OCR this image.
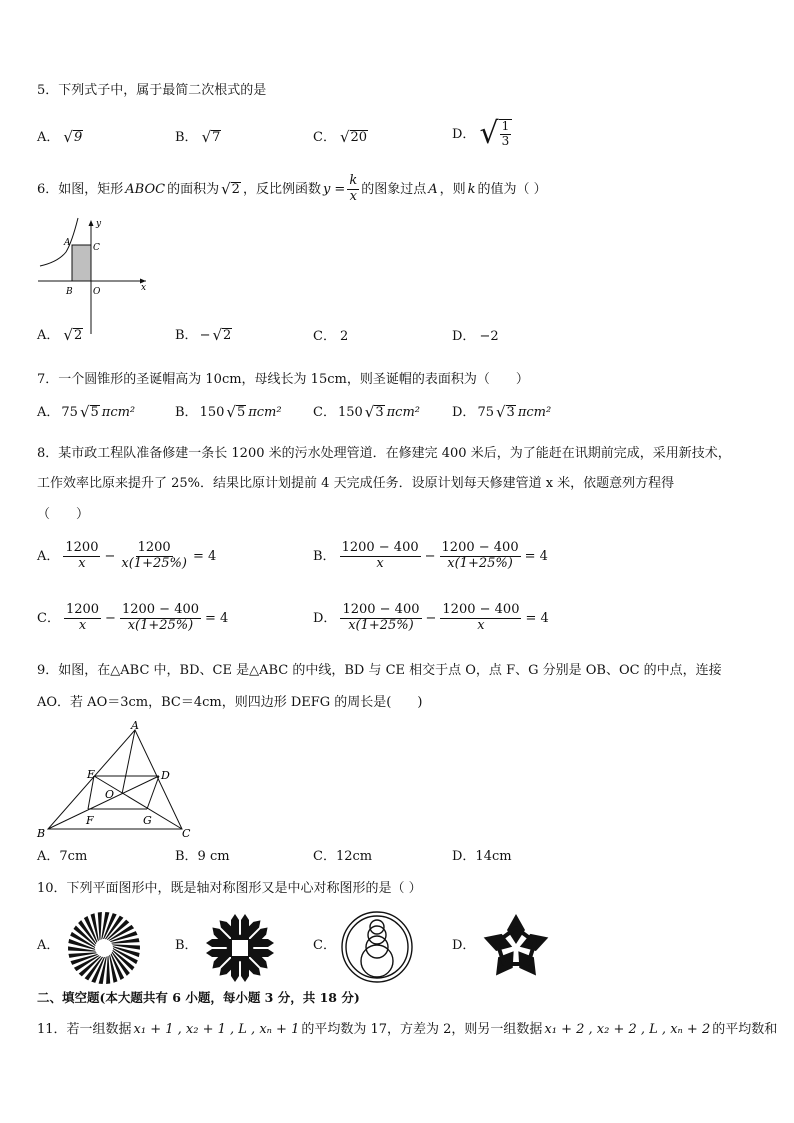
5．下列式子中，属于最简二次根式的是
A． √ 9	B． √ 7	C． √ 20	D． √ $\frac{1}{3}$
6．如图，矩形 ABOC 的面积为 √ 2 ，反比例函数 $y = \frac{k}{x}$ 的图象过点 A ，则 k 的值为（ ）
y
x
A
B
C
O
A． √ 2	B． − √ 2	C． 2	D． −2
7．一个圆锥形的圣诞帽高为 10cm，母线长为 15cm，则圣诞帽的表面积为（　　）
A． 75 √ 5 πcm²	B． 150 √ 5 πcm² C． 150 √ 3 πcm² D． 75 √ 3 πcm²
8．某市政工程队准备修建一条长 1200 米的污水处理管道．在修建完 400 米后，为了能赶在讯期前完成，采用新技术，
工作效率比原来提升了 25%．结果比原计划提前 4 天完成任务．设原计划每天修建管道 x 米，依题意列方程得
（　　）
A． $\frac{1200}{x} - \frac{1200}{x(1+25\%)} = 4$	B． $\frac{1200 - 400}{x} - \frac{1200 - 400}{x(1+25\%)} = 4$
C． $\frac{1200}{x} - \frac{1200 - 400}{x(1+25\%)} = 4$	D． $\frac{1200 - 400}{x(1+25\%)} - \frac{1200 - 400}{x} = 4$
9．如图，在△ABC 中，BD、CE 是△ABC 的中线，BD 与 CE 相交于点 O，点 F、G 分别是 OB、OC 的中点，连接
AO．若 AO＝3cm，BC＝4cm，则四边形 DEFG 的周长是(　　)
A
B	C
D
E
F	G
O
A．7cm	B．9 cm	C．12cm	D．14cm
10．下列平面图形中，既是轴对称图形又是中心对称图形的是（ ）
A．	B．	C．	D．
二、填空题(本大题共有 6 小题，每小题 3 分，共 18 分)
11．若一组数据 x₁ + 1 , x₂ + 1 , L , xₙ + 1 的平均数为 17，方差为 2，则另一组数据 x₁ + 2 , x₂ + 2 , L , xₙ + 2 的平均数和
